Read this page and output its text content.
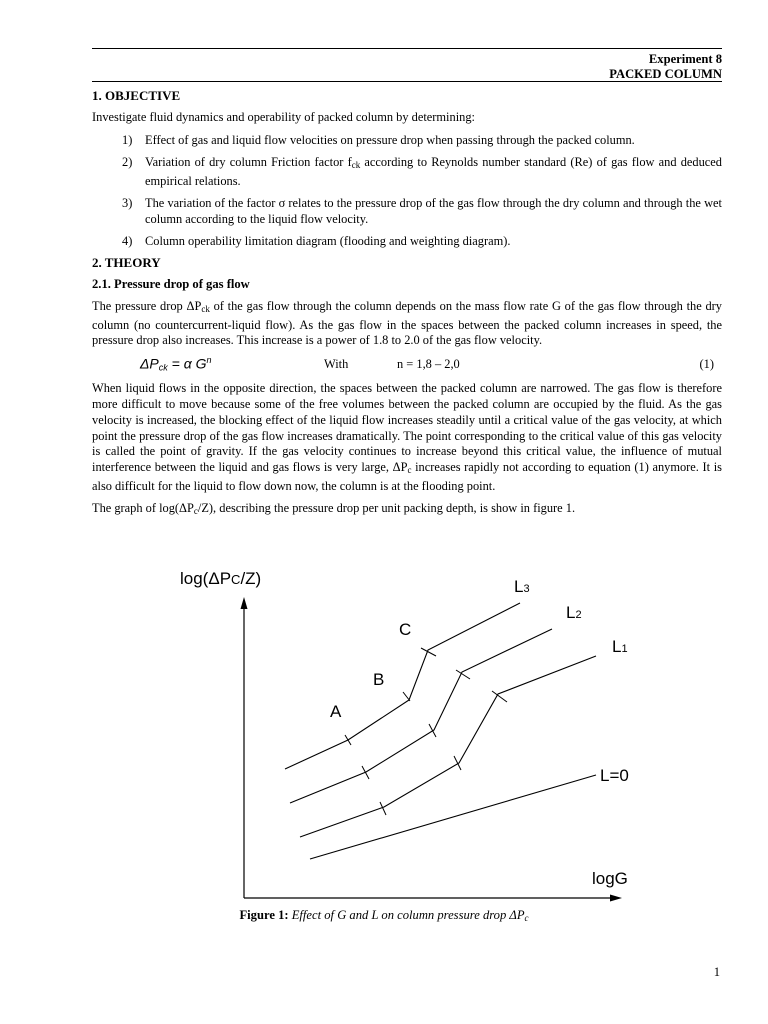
Experiment 8
PACKED COLUMN
1. OBJECTIVE

Investigate fluid dynamics and operability of packed column by determining:

1) Effect of gas and liquid flow velocities on pressure drop when passing through the packed column.
2) Variation of dry column Friction factor $f_{ck}$ according to Reynolds number standard (Re) of gas flow and deduced empirical relations.
3) The variation of the factor σ relates to the pressure drop of the gas flow through the dry column and through the wet column according to the liquid flow velocity.
4) Column operability limitation diagram (flooding and weighting diagram).
2. THEORY
2.1. Pressure drop of gas flow

The pressure drop $\Delta P_{ck}$ of the gas flow through the column depends on the mass flow rate G of the gas flow through the dry column (no countercurrent-liquid flow). As the gas flow in the spaces between the packed column increases in speed, the pressure drop also increases. This increase is a power of 1.8 to 2.0 of the gas flow velocity.

$\Delta P_{ck} = \alpha$ $G^n$	With	n = 1,8 – 2,0	(1)

When liquid flows in the opposite direction, the spaces between the packed column are narrowed. The gas flow is therefore more difficult to move because some of the free volumes between the packed column are occupied by the fluid. As the gas velocity is increased, the blocking effect of the liquid flow increases steadily until a critical value of the gas velocity, at which point the pressure drop of the gas flow increases dramatically. The point corresponding to the critical value of this gas velocity is called the point of gravity. If the gas velocity continues to increase beyond this critical value, the influence of mutual interference between the liquid and gas flows is very large, $\Delta P_c$ increases rapidly not according to equation (1) anymore. It is also difficult for the liquid to flow down now, the column is at the flooding point.

The graph of $\log(\Delta P_c/Z)$, describing the pressure drop per unit packing depth, is show in figure 1.

log(ΔPC/Z)
logG
L3
L2
L1
L=0
A
B
C
Figure 1: Effect of G and L on column pressure drop $\Delta P_c$
1
